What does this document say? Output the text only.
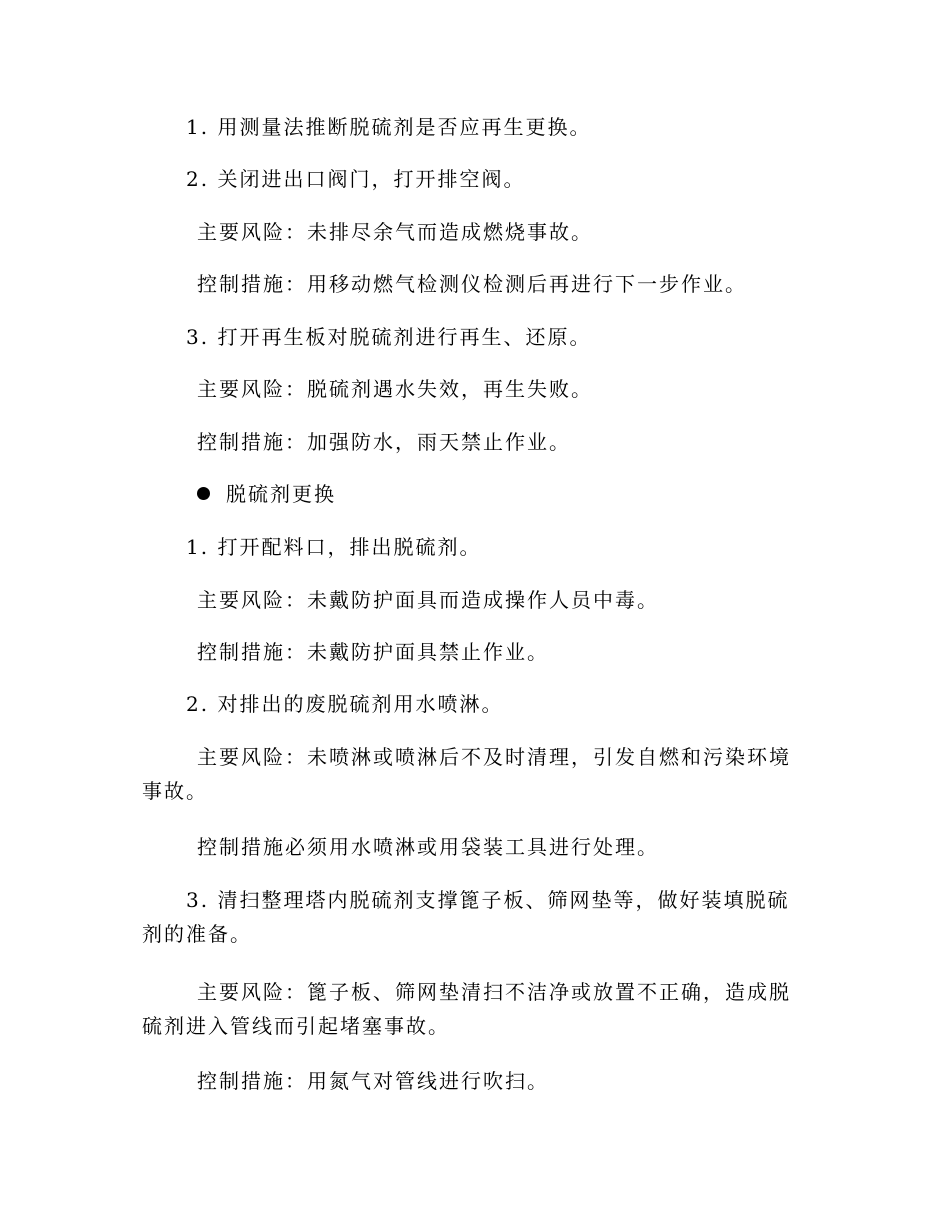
1. 用测量法推断脱硫剂是否应再生更换。
2. 关闭进出口阀门，打开排空阀。
主要风险：未排尽余气而造成燃烧事故。
控制措施：用移动燃气检测仪检测后再进行下一步作业。
3. 打开再生板对脱硫剂进行再生、还原。
主要风险：脱硫剂遇水失效，再生失败。
控制措施：加强防水，雨天禁止作业。
脱硫剂更换
1. 打开配料口，排出脱硫剂。
主要风险：未戴防护面具而造成操作人员中毒。
控制措施：未戴防护面具禁止作业。
2. 对排出的废脱硫剂用水喷淋。
主要风险：未喷淋或喷淋后不及时清理，引发自燃和污染环境事故。
控制措施必须用水喷淋或用袋装工具进行处理。
3. 清扫整理塔内脱硫剂支撑篦子板、筛网垫等，做好装填脱硫剂的准备。
主要风险：篦子板、筛网垫清扫不洁净或放置不正确，造成脱硫剂进入管线而引起堵塞事故。
控制措施：用氮气对管线进行吹扫。
